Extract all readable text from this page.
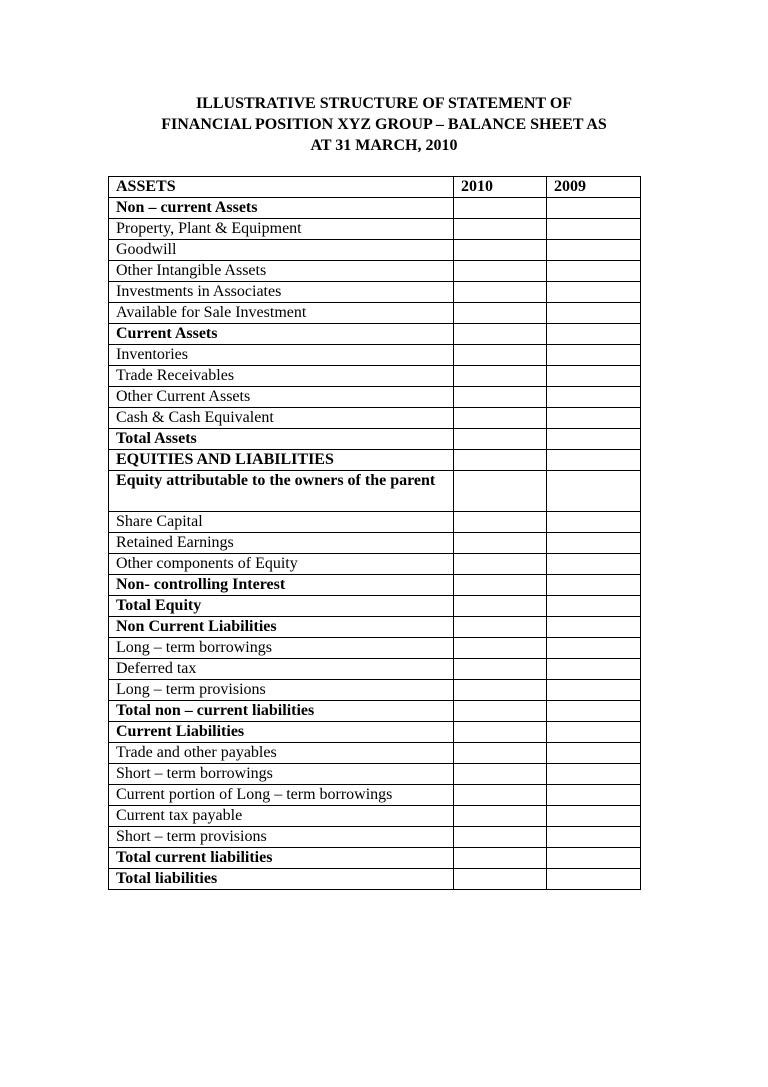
ILLUSTRATIVE STRUCTURE OF STATEMENT OF
FINANCIAL POSITION XYZ GROUP – BALANCE SHEET AS
AT 31 MARCH, 2010
ASSETS	2010	2009
Non – current Assets		
Property, Plant & Equipment		
Goodwill		
Other Intangible Assets		
Investments in Associates		
Available for Sale Investment		
Current Assets		
Inventories		
Trade Receivables		
Other Current Assets		
Cash & Cash Equivalent		
Total Assets		
EQUITIES AND LIABILITIES		
Equity attributable to the owners of the parent		
Share Capital		
Retained Earnings		
Other components of Equity		
Non- controlling Interest		
Total Equity		
Non Current Liabilities		
Long – term borrowings		
Deferred tax		
Long – term provisions		
Total non – current liabilities		
Current Liabilities		
Trade and other payables		
Short – term borrowings		
Current portion of Long – term borrowings		
Current tax payable		
Short – term provisions		
Total current liabilities		
Total liabilities		
